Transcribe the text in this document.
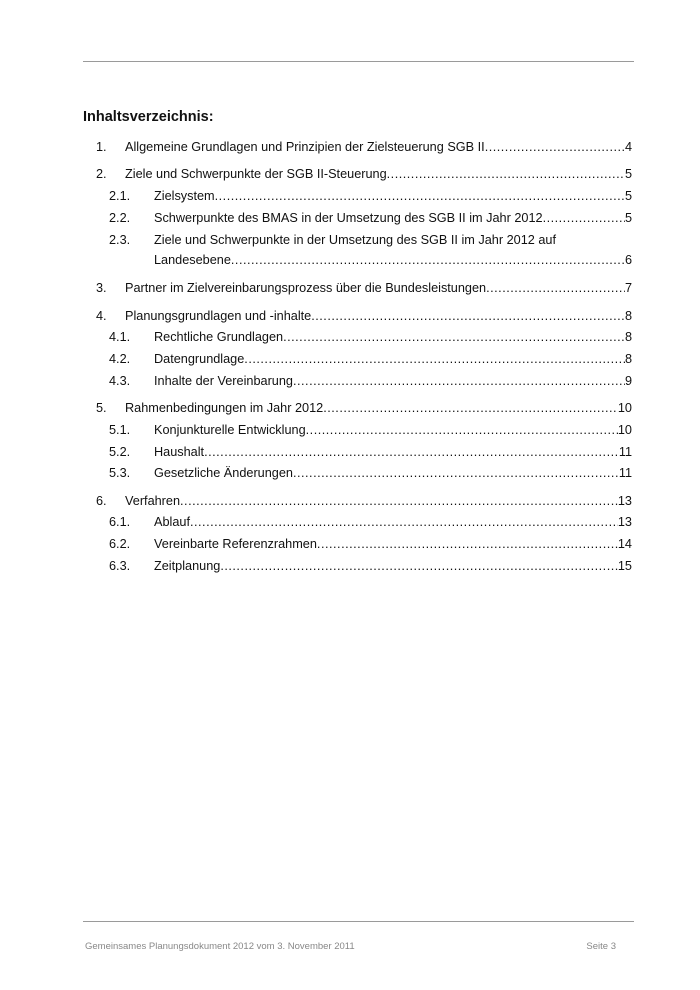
Inhaltsverzeichnis:
1. Allgemeine Grundlagen und Prinzipien der Zielsteuerung SGB II .....	4
2. Ziele und Schwerpunkte der SGB II-Steuerung .....	5
2.1. Zielsystem .....	5
2.2. Schwerpunkte des BMAS in der Umsetzung des SGB II im Jahr 2012 .....	5
2.3. Ziele und Schwerpunkte in der Umsetzung des SGB II im Jahr 2012 auf
Landesebene .....	6
3. Partner im Zielvereinbarungsprozess über die Bundesleistungen .....	7
4. Planungsgrundlagen und -inhalte .....	8
4.1. Rechtliche Grundlagen .....	8
4.2. Datengrundlage .....	8
4.3. Inhalte der Vereinbarung .....	9
5. Rahmenbedingungen im Jahr 2012 .....	10
5.1. Konjunkturelle Entwicklung .....	10
5.2. Haushalt .....	11
5.3. Gesetzliche Änderungen .....	11
6. Verfahren .....	13
6.1. Ablauf .....	13
6.2. Vereinbarte Referenzrahmen .....	14
6.3. Zeitplanung .....	15
Gemeinsames Planungsdokument 2012 vom 3. November 2011	Seite 3
